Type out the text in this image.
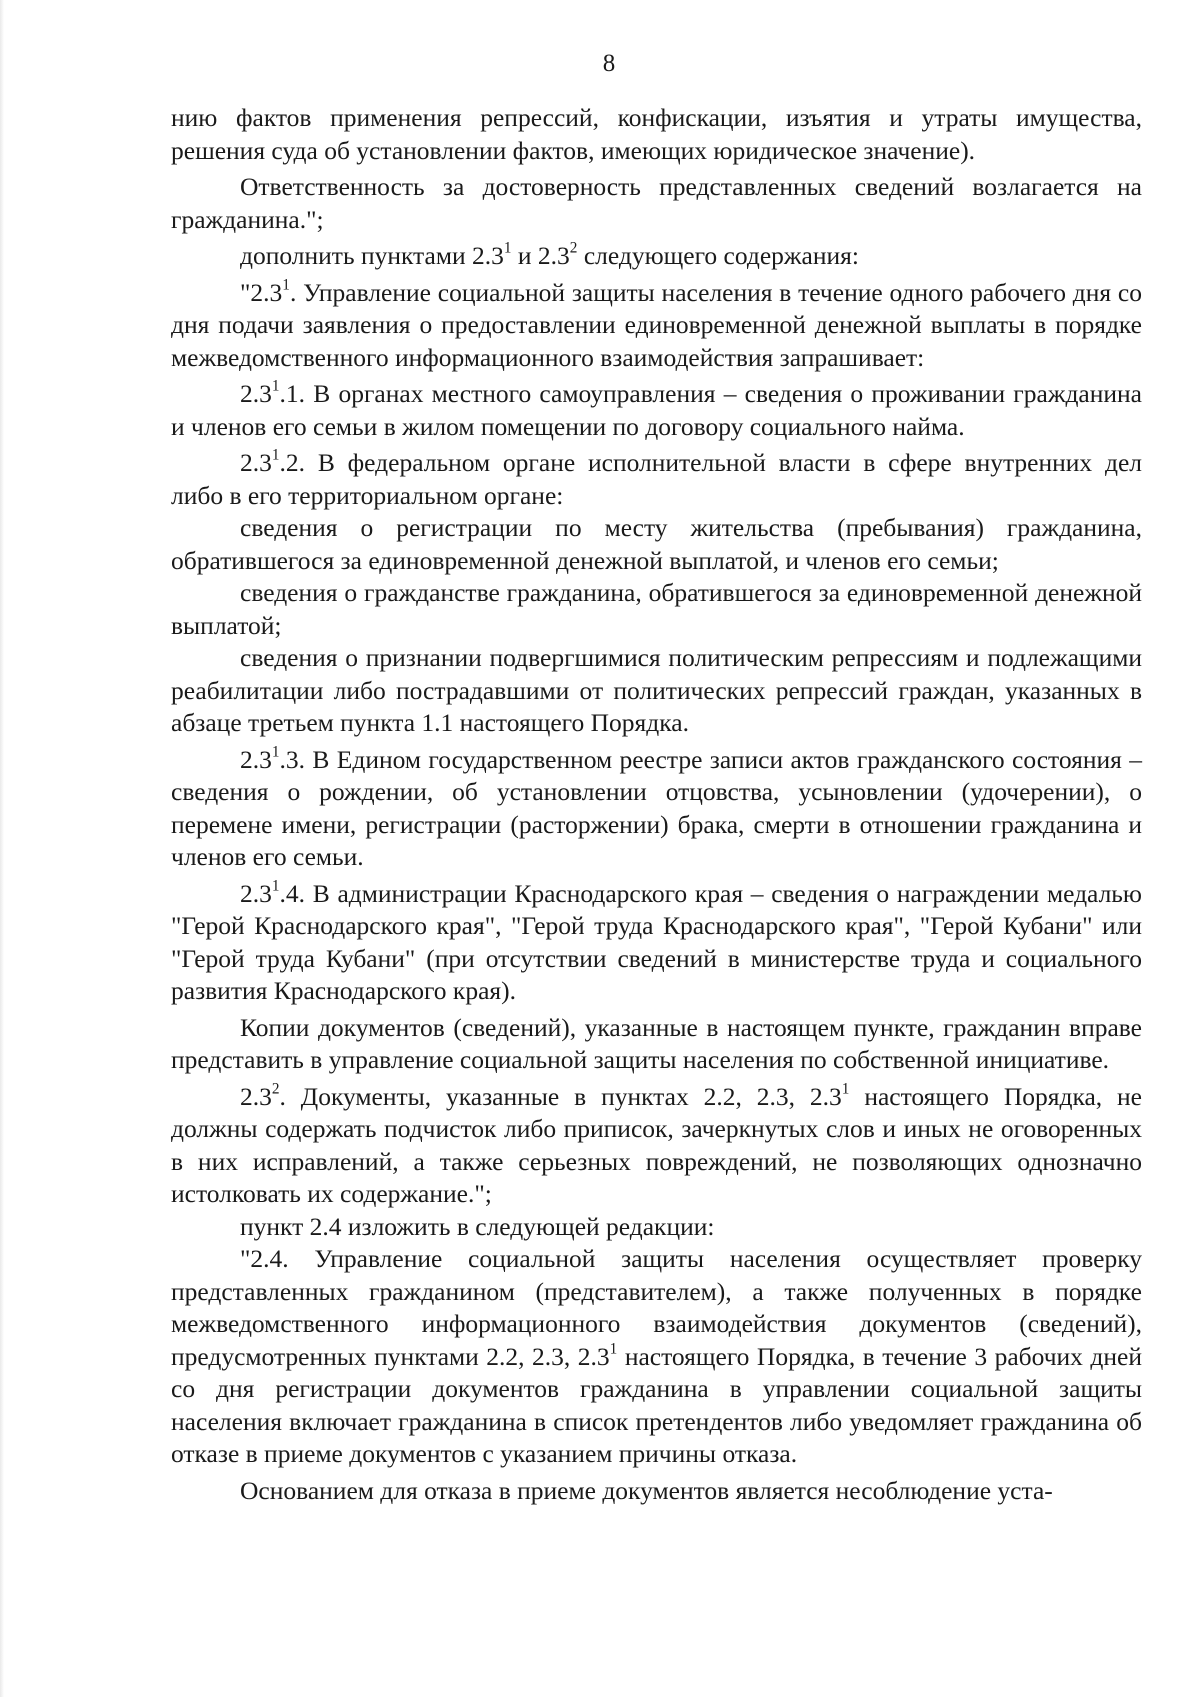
8

нию фактов применения репрессий, конфискации, изъятия и утраты имущества, решения суда об установлении фактов, имеющих юридическое значение).

Ответственность за достоверность представленных сведений возлагается на гражданина.";

дополнить пунктами $2.3^1$ и $2.3^2$ следующего содержания:

"$2.3^1$. Управление социальной защиты населения в течение одного рабочего дня со дня подачи заявления о предоставлении единовременной денежной выплаты в порядке межведомственного информационного взаимодействия запрашивает:

$2.3^1.1$. В органах местного самоуправления – сведения о проживании гражданина и членов его семьи в жилом помещении по договору социального найма.

$2.3^1.2$. В федеральном органе исполнительной власти в сфере внутренних дел либо в его территориальном органе:

сведения о регистрации по месту жительства (пребывания) гражданина, обратившегося за единовременной денежной выплатой, и членов его семьи;

сведения о гражданстве гражданина, обратившегося за единовременной денежной выплатой;

сведения о признании подвергшимися политическим репрессиям и подлежащими реабилитации либо пострадавшими от политических репрессий граждан, указанных в абзаце третьем пункта 1.1 настоящего Порядка.

$2.3^1.3$. В Едином государственном реестре записи актов гражданского состояния – сведения о рождении, об установлении отцовства, усыновлении (удочерении), о перемене имени, регистрации (расторжении) брака, смерти в отношении гражданина и членов его семьи.

$2.3^1.4$. В администрации Краснодарского края – сведения о награждении медалью "Герой Краснодарского края", "Герой труда Краснодарского края", "Герой Кубани" или "Герой труда Кубани" (при отсутствии сведений в министерстве труда и социального развития Краснодарского края).

Копии документов (сведений), указанные в настоящем пункте, гражданин вправе представить в управление социальной защиты населения по собственной инициативе.

$2.3^2$. Документы, указанные в пунктах 2.2, 2.3, $2.3^1$ настоящего Порядка, не должны содержать подчисток либо приписок, зачеркнутых слов и иных не оговоренных в них исправлений, а также серьезных повреждений, не позволяющих однозначно истолковать их содержание.";

пункт 2.4 изложить в следующей редакции:

"2.4. Управление социальной защиты населения осуществляет проверку представленных гражданином (представителем), а также полученных в порядке межведомственного информационного взаимодействия документов (сведений), предусмотренных пунктами 2.2, 2.3, $2.3^1$ настоящего Порядка, в течение 3 рабочих дней со дня регистрации документов гражданина в управлении социальной защиты населения включает гражданина в список претендентов либо уведомляет гражданина об отказе в приеме документов с указанием причины отказа.

Основанием для отказа в приеме документов является несоблюдение уста-
